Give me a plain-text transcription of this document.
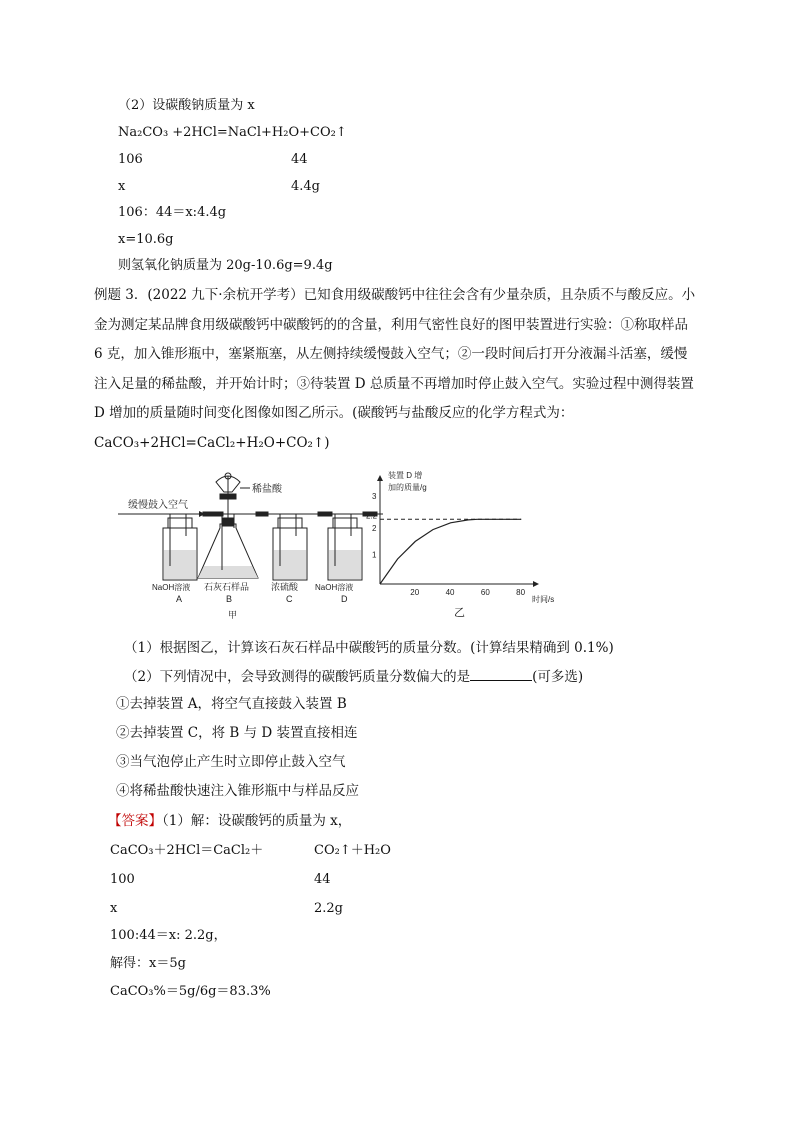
（2）设碳酸钠质量为 x
Na₂CO₃ +2HCl=NaCl+H₂O+CO₂↑
106	44
x	4.4g
106：44＝x:4.4g
x=10.6g
则氢氧化钠质量为 20g-10.6g=9.4g
例题 3．(2022 九下·余杭开学考）已知食用级碳酸钙中往往会含有少量杂质，且杂质不与酸反应。小金为测定某品牌食用级碳酸钙中碳酸钙的的含量，利用气密性良好的图甲装置进行实验：①称取样品 6 克，加入锥形瓶中，塞紧瓶塞，从左侧持续缓慢鼓入空气；②一段时间后打开分液漏斗活塞，缓慢注入足量的稀盐酸，并开始计时；③待装置 D 总质量不再增加时停止鼓入空气。实验过程中测得装置 D 增加的质量随时间变化图像如图乙所示。(碳酸钙与盐酸反应的化学方程式为：CaCO₃+2HCl=CaCl₂+H₂O+CO₂↑)
缓慢鼓入空气
NaOH溶液
A
稀盐酸
石灰石样品
B
甲
浓硫酸
C
NaOH溶液
D
装置 D 增
加的质量/g
时间/s
乙
20	40	60	80
1
2
2.2
3
（1）根据图乙，计算该石灰石样品中碳酸钙的质量分数。(计算结果精确到 0.1%)
（2）下列情况中，会导致测得的碳酸钙质量分数偏大的是	(可多选)
①去掉装置 A，将空气直接鼓入装置 B
②去掉装置 C，将 B 与 D 装置直接相连
③当气泡停止产生时立即停止鼓入空气
④将稀盐酸快速注入锥形瓶中与样品反应
【答案】（1）解：设碳酸钙的质量为 x，
CaCO₃＋2HCl＝CaCl₂＋	CO₂↑＋H₂O
100	44
x	2.2g
100:44＝x: 2.2g，
解得：x＝5g
CaCO₃%＝5g/6g＝83.3%
